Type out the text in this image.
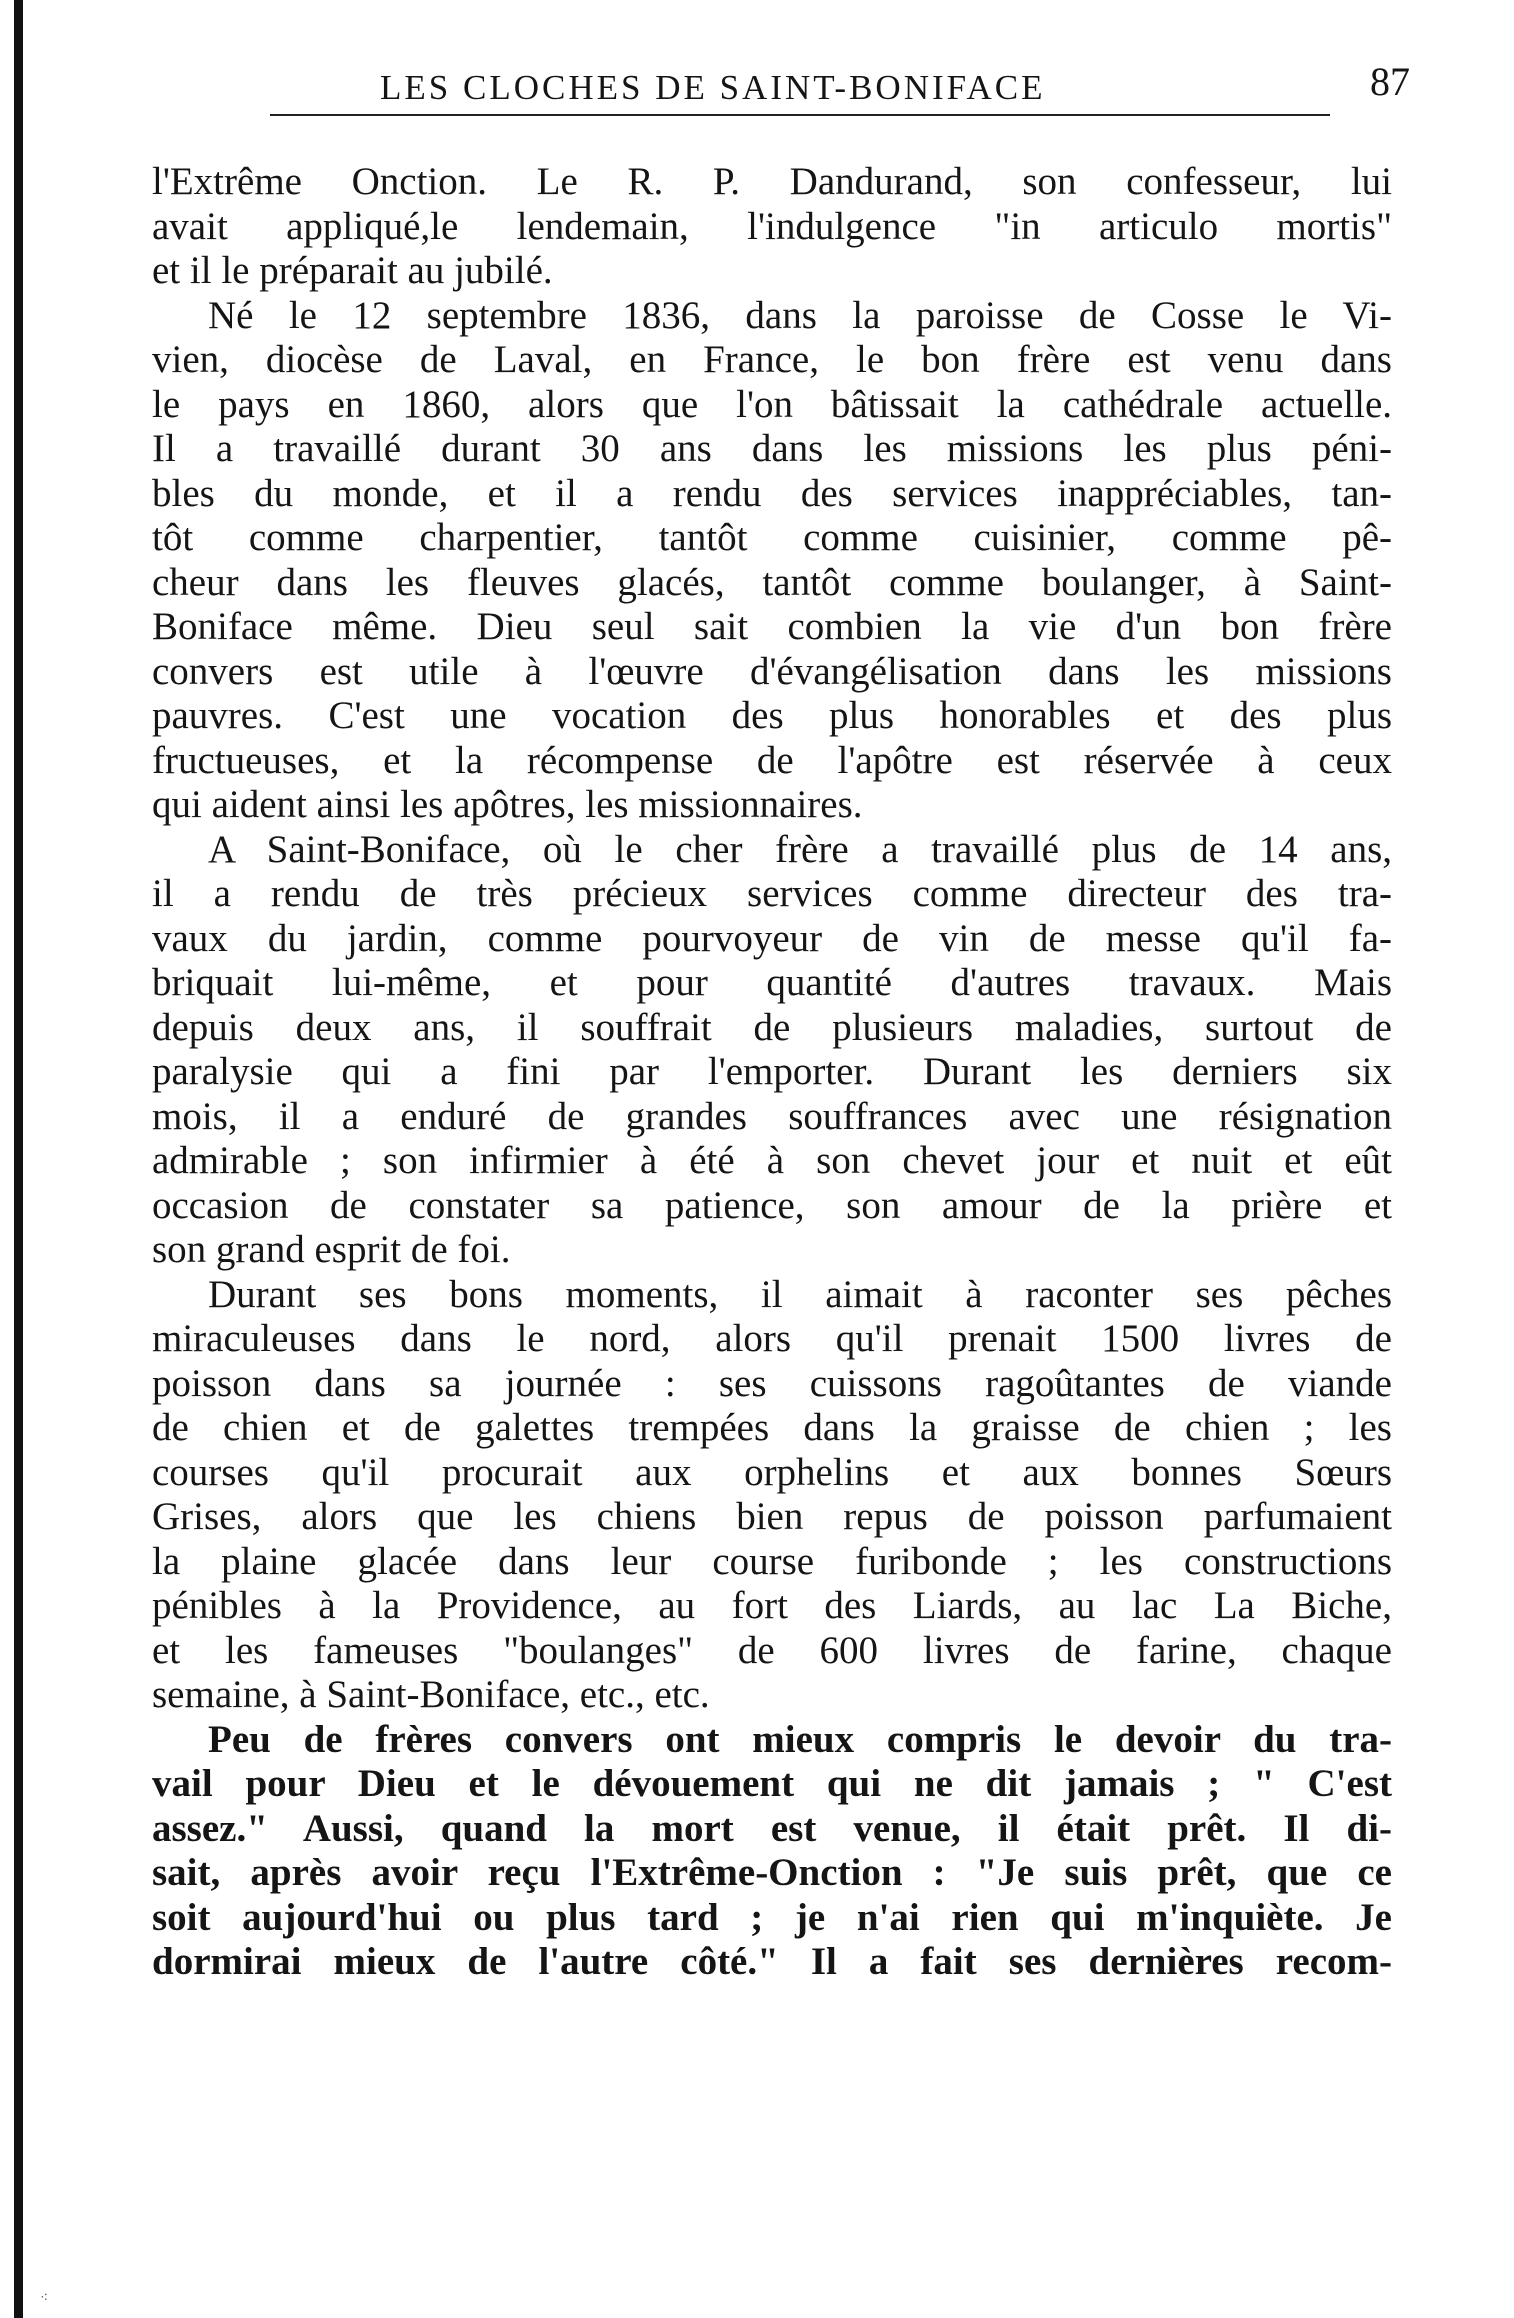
LES CLOCHES DE SAINT-BONIFACE	87
l'Extrême Onction. Le R. P. Dandurand, son confesseur, lui
avait appliqué,le lendemain, l'indulgence "in articulo mortis"
et il le préparait au jubilé.
Né le 12 septembre 1836, dans la paroisse de Cosse le Vi-
vien, diocèse de Laval, en France, le bon frère est venu dans
le pays en 1860, alors que l'on bâtissait la cathédrale actuelle.
Il a travaillé durant 30 ans dans les missions les plus péni-
bles du monde, et il a rendu des services inappréciables, tan-
tôt comme charpentier, tantôt comme cuisinier, comme pê-
cheur dans les fleuves glacés, tantôt comme boulanger, à Saint-
Boniface même. Dieu seul sait combien la vie d'un bon frère
convers est utile à l'œuvre d'évangélisation dans les missions
pauvres. C'est une vocation des plus honorables et des plus
fructueuses, et la récompense de l'apôtre est réservée à ceux
qui aident ainsi les apôtres, les missionnaires.
A Saint-Boniface, où le cher frère a travaillé plus de 14 ans,
il a rendu de très précieux services comme directeur des tra-
vaux du jardin, comme pourvoyeur de vin de messe qu'il fa-
briquait lui-même, et pour quantité d'autres travaux. Mais
depuis deux ans, il souffrait de plusieurs maladies, surtout de
paralysie qui a fini par l'emporter. Durant les derniers six
mois, il a enduré de grandes souffrances avec une résignation
admirable ; son infirmier à été à son chevet jour et nuit et eût
occasion de constater sa patience, son amour de la prière et
son grand esprit de foi.
Durant ses bons moments, il aimait à raconter ses pêches
miraculeuses dans le nord, alors qu'il prenait 1500 livres de
poisson dans sa journée : ses cuissons ragoûtantes de viande
de chien et de galettes trempées dans la graisse de chien ; les
courses qu'il procurait aux orphelins et aux bonnes Sœurs
Grises, alors que les chiens bien repus de poisson parfumaient
la plaine glacée dans leur course furibonde ; les constructions
pénibles à la Providence, au fort des Liards, au lac La Biche,
et les fameuses "boulanges" de 600 livres de farine, chaque
semaine, à Saint-Boniface, etc., etc.
Peu de frères convers ont mieux compris le devoir du tra-
vail pour Dieu et le dévouement qui ne dit jamais ; " C'est
assez." Aussi, quand la mort est venue, il était prêt. Il di-
sait, après avoir reçu l'Extrême-Onction : "Je suis prêt, que ce
soit aujourd'hui ou plus tard ; je n'ai rien qui m'inquiète. Je
dormirai mieux de l'autre côté." Il a fait ses dernières recom-
⁖
